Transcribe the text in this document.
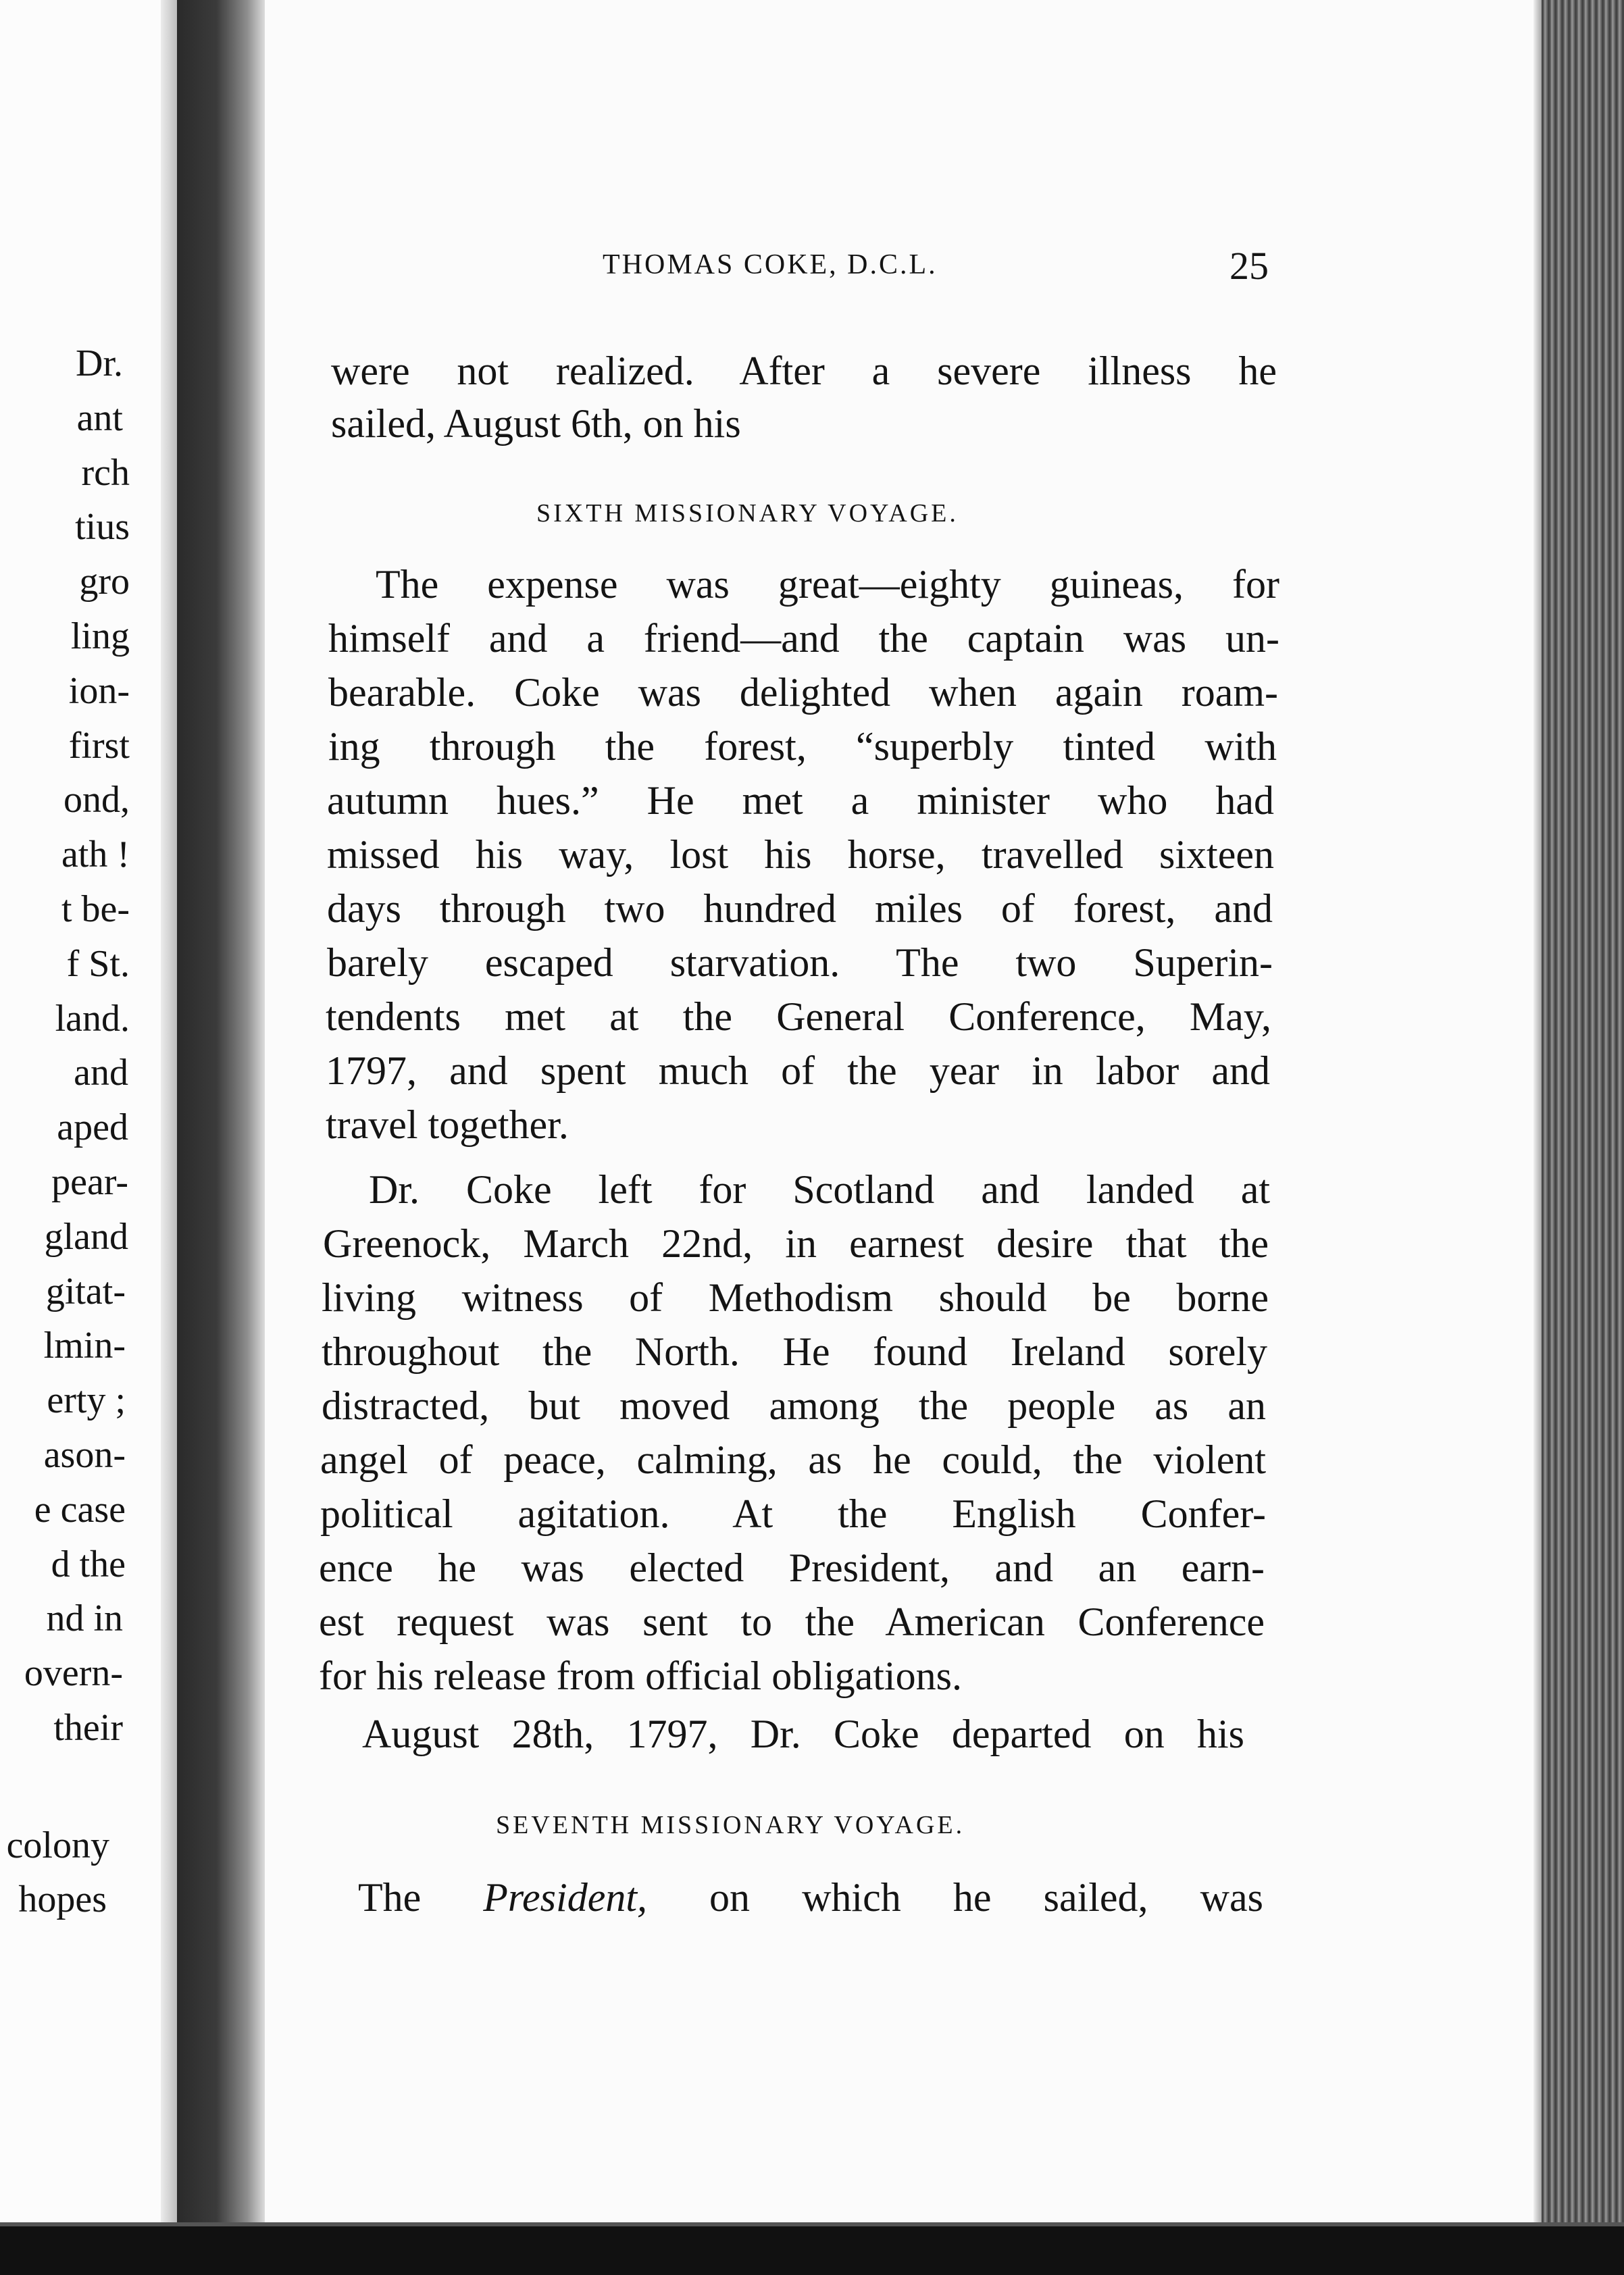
Dr.
ant
rch
tius
gro
ling
ion-
first
ond,
ath !
t be-
f St.
land.
and
aped
pear-
gland
gitat-
lmin-
erty ;
ason-
e case
d the
nd in
overn-
their
colony
hopes
THOMAS COKE, D.C.L.	25
were not realized. After a severe illness he
sailed, August 6th, on his
SIXTH MISSIONARY VOYAGE.
The expense was great—eighty guineas, for
himself and a friend—and the captain was un-
bearable. Coke was delighted when again roam-
ing through the forest, “superbly tinted with
autumn hues.” He met a minister who had
missed his way, lost his horse, travelled sixteen
days through two hundred miles of forest, and
barely escaped starvation. The two Superin-
tendents met at the General Conference, May,
1797, and spent much of the year in labor and
travel together.
Dr. Coke left for Scotland and landed at
Greenock, March 22nd, in earnest desire that the
living witness of Methodism should be borne
throughout the North. He found Ireland sorely
distracted, but moved among the people as an
angel of peace, calming, as he could, the violent
political agitation. At the English Confer-
ence he was elected President, and an earn-
est request was sent to the American Conference
for his release from official obligations.
August 28th, 1797, Dr. Coke departed on his
SEVENTH MISSIONARY VOYAGE.
The President, on which he sailed, was
